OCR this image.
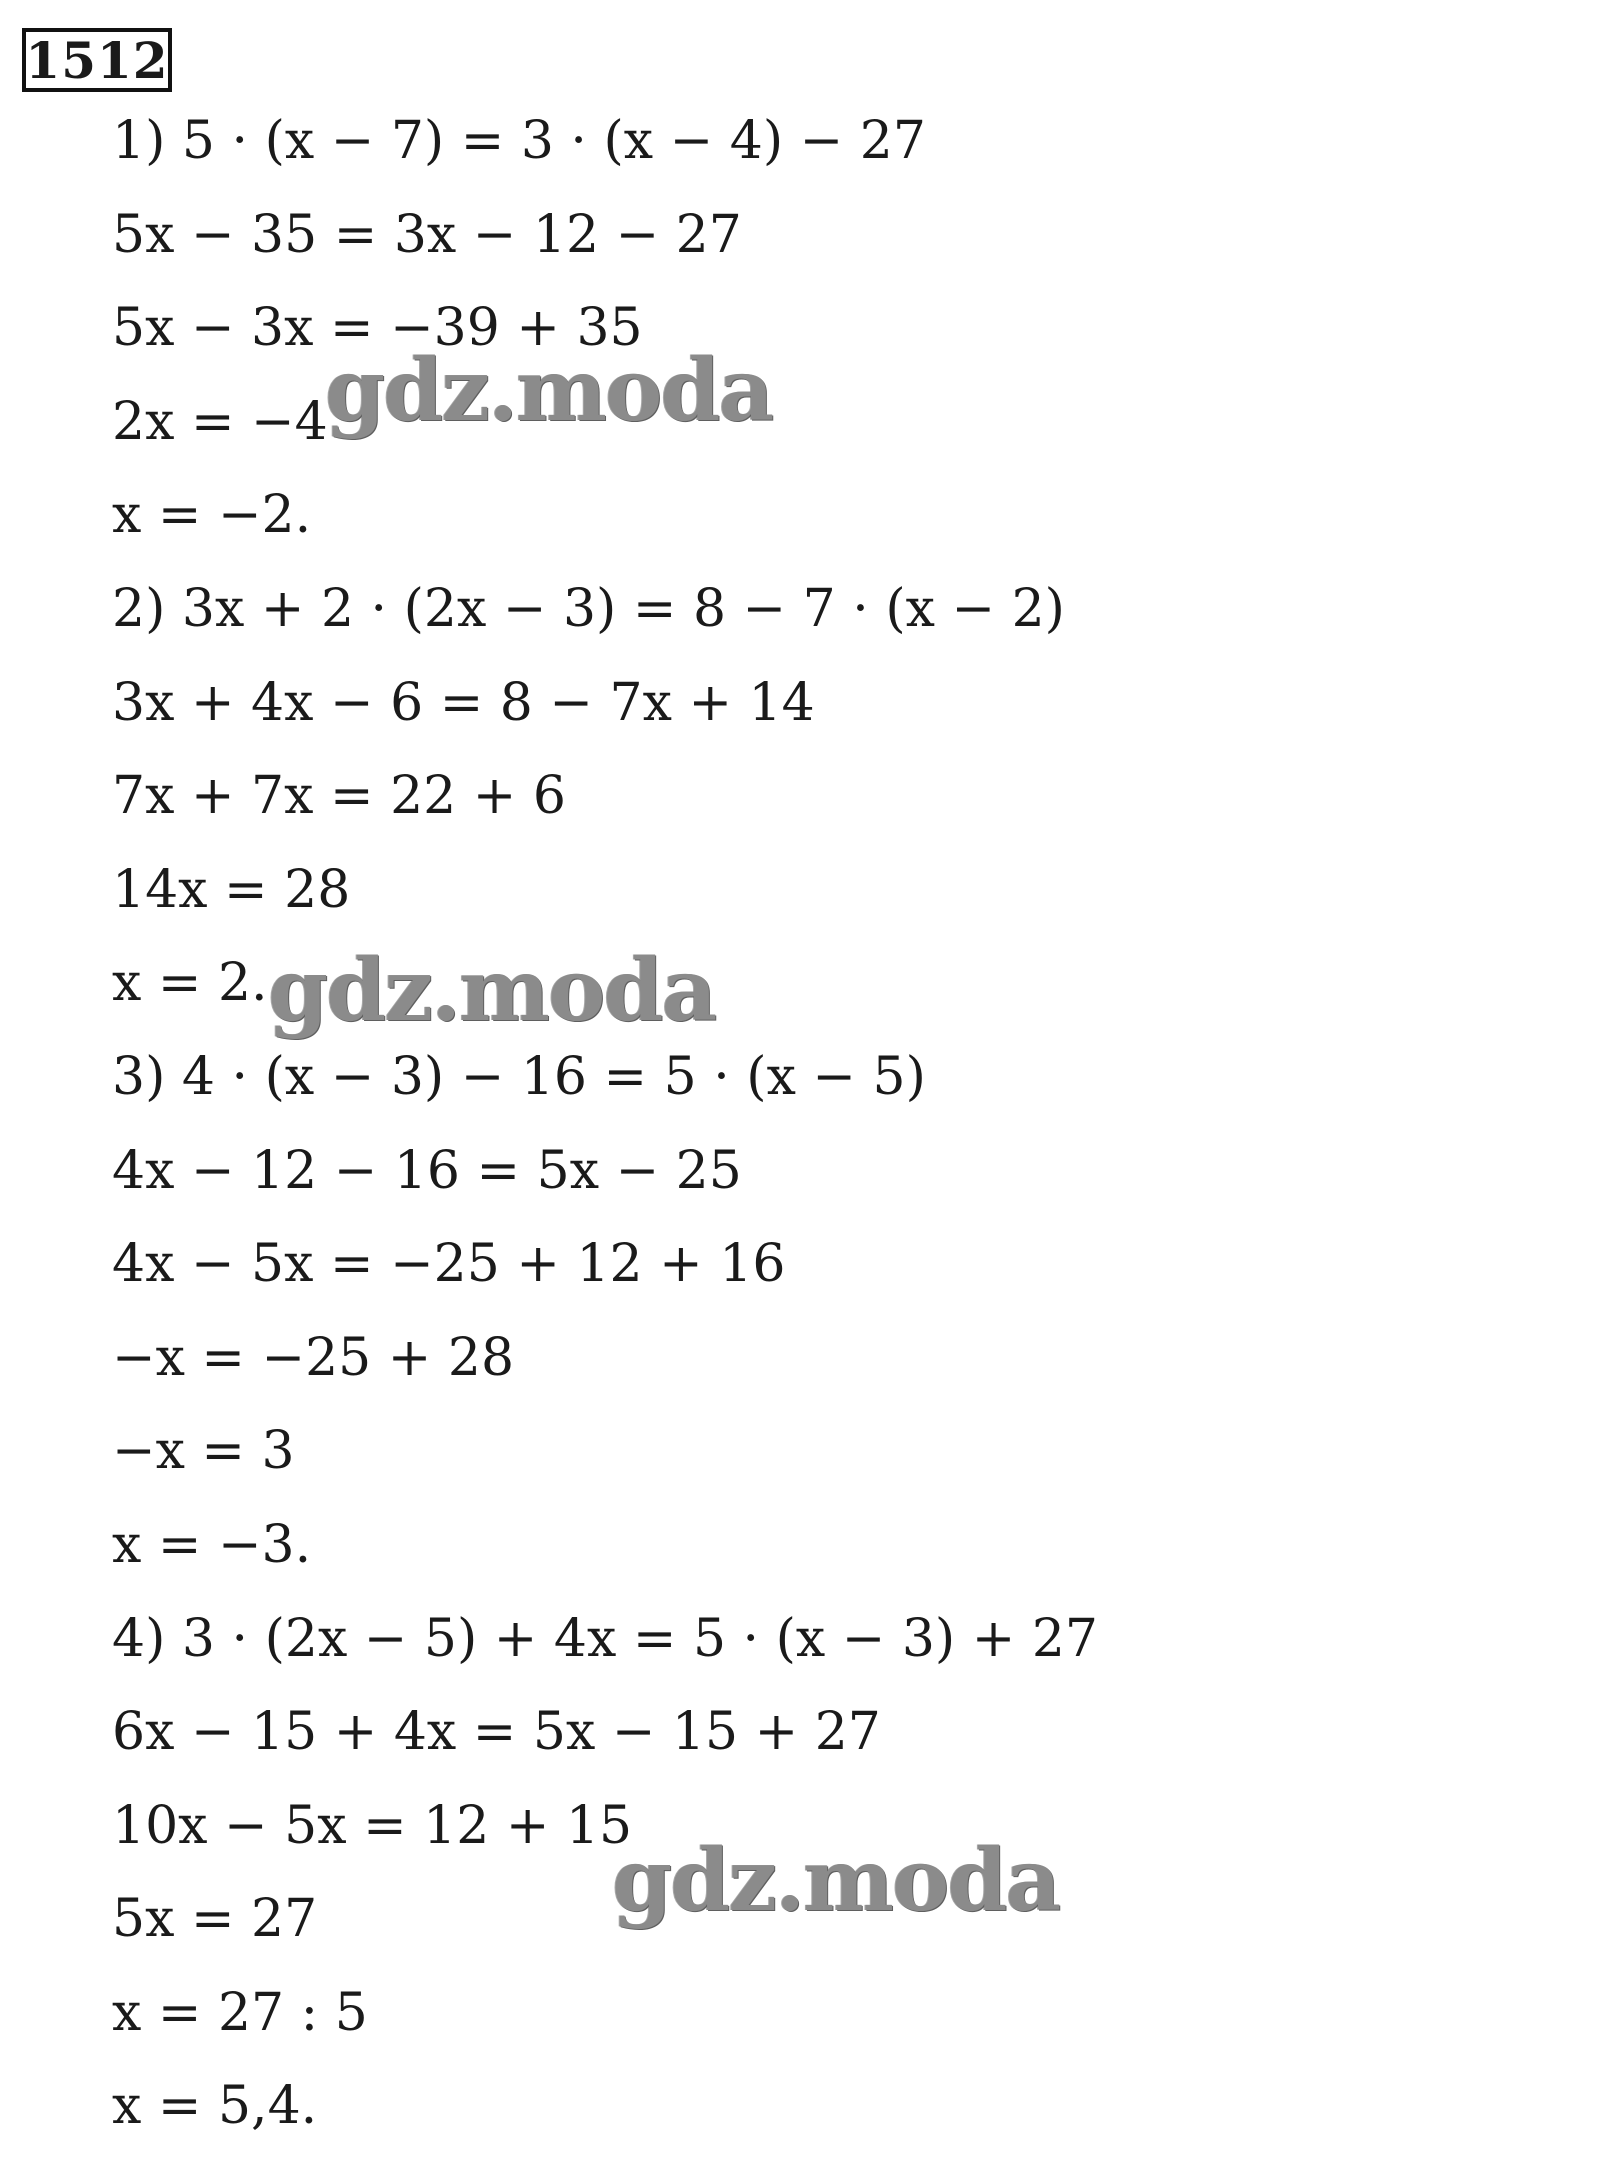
1512
1) 5 · (x − 7) = 3 · (x − 4) − 27
5x − 35 = 3x − 12 − 27
5x − 3x = −39 + 35
2x = −4
x = −2.
2) 3x + 2 · (2x − 3) = 8 − 7 · (x − 2)
3x + 4x − 6 = 8 − 7x + 14
7x + 7x = 22 + 6
14x = 28
x = 2.
3) 4 · (x − 3) − 16 = 5 · (x − 5)
4x − 12 − 16 = 5x − 25
4x − 5x = −25 + 12 + 16
−x = −25 + 28
−x = 3
x = −3.
4) 3 · (2x − 5) + 4x = 5 · (x − 3) + 27
6x − 15 + 4x = 5x − 15 + 27
10x − 5x = 12 + 15
5x = 27
x = 27 : 5
x = 5,4.
gdz.moda
gdz.moda
gdz.moda
